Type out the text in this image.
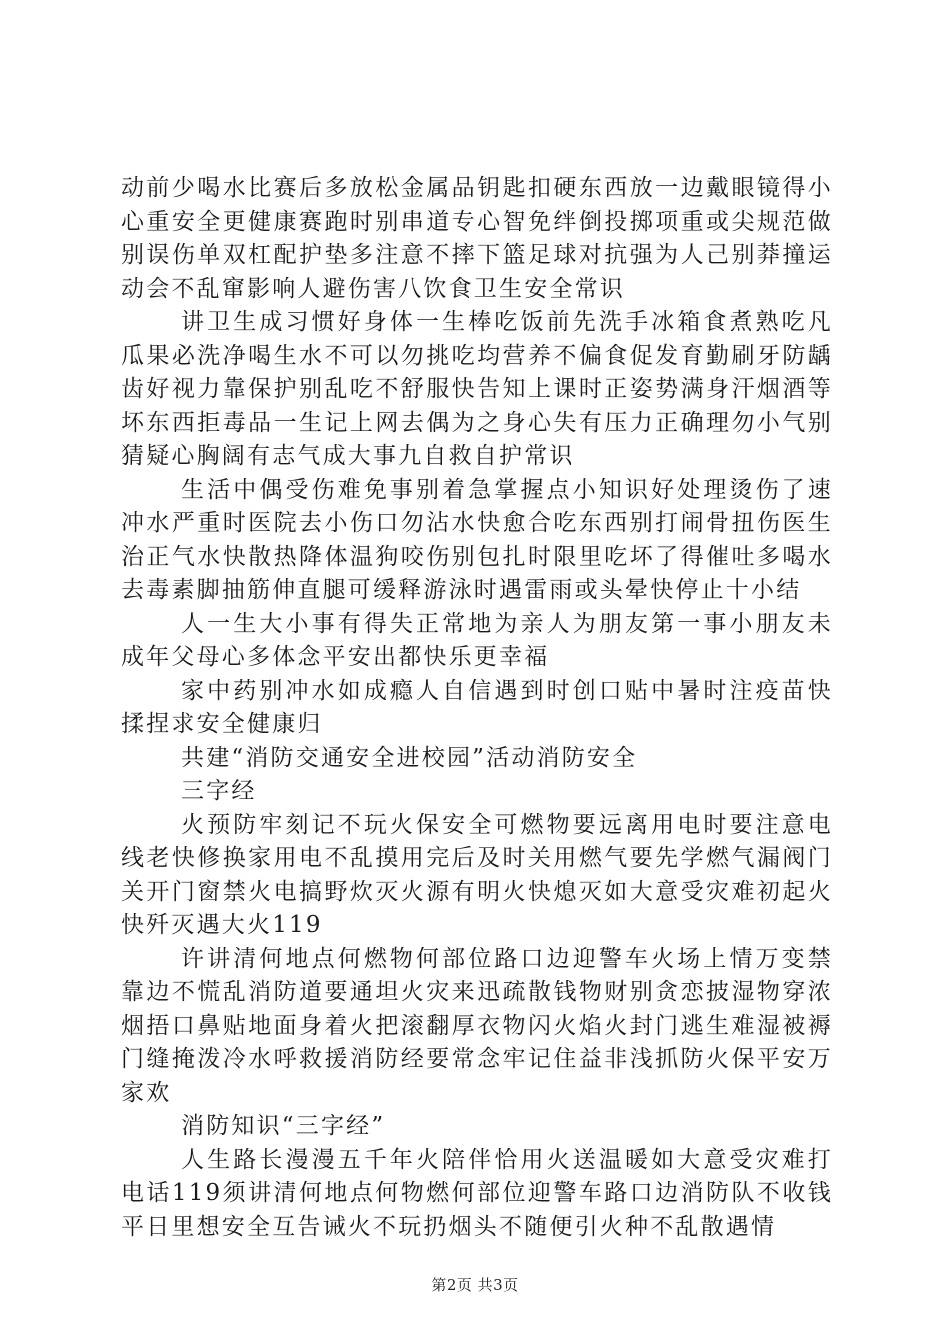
动前少喝水比赛后多放松金属品钥匙扣硬东西放一边戴眼镜得小心重安全更健康赛跑时别串道专心智免绊倒投掷项重或尖规范做别误伤单双杠配护垫多注意不摔下篮足球对抗强为人己别莽撞运动会不乱窜影响人避伤害八饮食卫生安全常识

讲卫生成习惯好身体一生棒吃饭前先洗手冰箱食煮熟吃凡瓜果必洗净喝生水不可以勿挑吃均营养不偏食促发育勤刷牙防龋齿好视力靠保护别乱吃不舒服快告知上课时正姿势满身汗烟酒等坏东西拒毒品一生记上网去偶为之身心失有压力正确理勿小气别猜疑心胸阔有志气成大事九自救自护常识

生活中偶受伤难免事别着急掌握点小知识好处理烫伤了速冲水严重时医院去小伤口勿沾水快愈合吃东西别打闹骨扭伤医生治正气水快散热降体温狗咬伤别包扎时限里吃坏了得催吐多喝水去毒素脚抽筋伸直腿可缓释游泳时遇雷雨或头晕快停止十小结

人一生大小事有得失正常地为亲人为朋友第一事小朋友未成年父母心多体念平安出都快乐更幸福

家中药别冲水如成瘾人自信遇到时创口贴中暑时注疫苗快揉捏求安全健康归

共建“消防交通安全进校园”活动消防安全

三字经

火预防牢刻记不玩火保安全可燃物要远离用电时要注意电线老快修换家用电不乱摸用完后及时关用燃气要先学燃气漏阀门关开门窗禁火电搞野炊灭火源有明火快熄灭如大意受灾难初起火快歼灭遇大火119

许讲清何地点何燃物何部位路口边迎警车火场上情万变禁靠边不慌乱消防道要通坦火灾来迅疏散钱物财别贪恋披湿物穿浓烟捂口鼻贴地面身着火把滚翻厚衣物闪火焰火封门逃生难湿被褥门缝掩泼冷水呼救援消防经要常念牢记住益非浅抓防火保平安万家欢

消防知识“三字经”

人生路长漫漫五千年火陪伴恰用火送温暖如大意受灾难打电话119须讲清何地点何物燃何部位迎警车路口边消防队不收钱平日里想安全互告诫火不玩扔烟头不随便引火种不乱散遇情

第2页 共3页
